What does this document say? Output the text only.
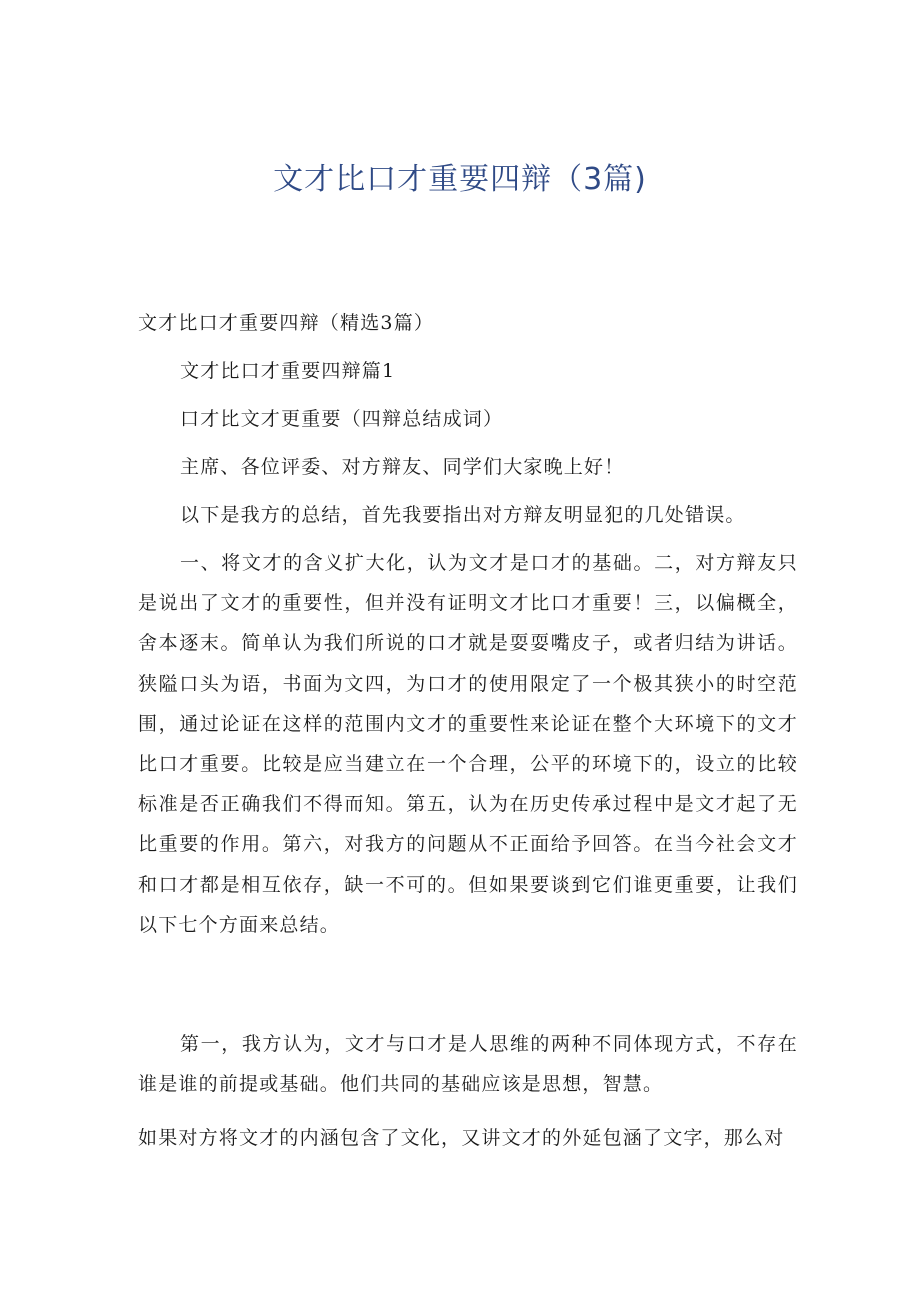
文才比口才重要四辩（3篇)

文才比口才重要四辩（精选3篇）

文才比口才重要四辩篇1

口才比文才更重要（四辩总结成词）

主席、各位评委、对方辩友、同学们大家晚上好！

以下是我方的总结，首先我要指出对方辩友明显犯的几处错误。

一、将文才的含义扩大化，认为文才是口才的基础。二，对方辩友只是说出了文才的重要性，但并没有证明文才比口才重要！三，以偏概全，舍本逐末。简单认为我们所说的口才就是耍耍嘴皮子，或者归结为讲话。狭隘口头为语，书面为文四，为口才的使用限定了一个极其狭小的时空范围，通过论证在这样的范围内文才的重要性来论证在整个大环境下的文才比口才重要。比较是应当建立在一个合理，公平的环境下的，设立的比较标准是否正确我们不得而知。第五，认为在历史传承过程中是文才起了无比重要的作用。第六，对我方的问题从不正面给予回答。在当今社会文才和口才都是相互依存，缺一不可的。但如果要谈到它们谁更重要，让我们以下七个方面来总结。

第一，我方认为，文才与口才是人思维的两种不同体现方式，不存在谁是谁的前提或基础。他们共同的基础应该是思想，智慧。

如果对方将文才的内涵包含了文化，又讲文才的外延包涵了文字，那么对
